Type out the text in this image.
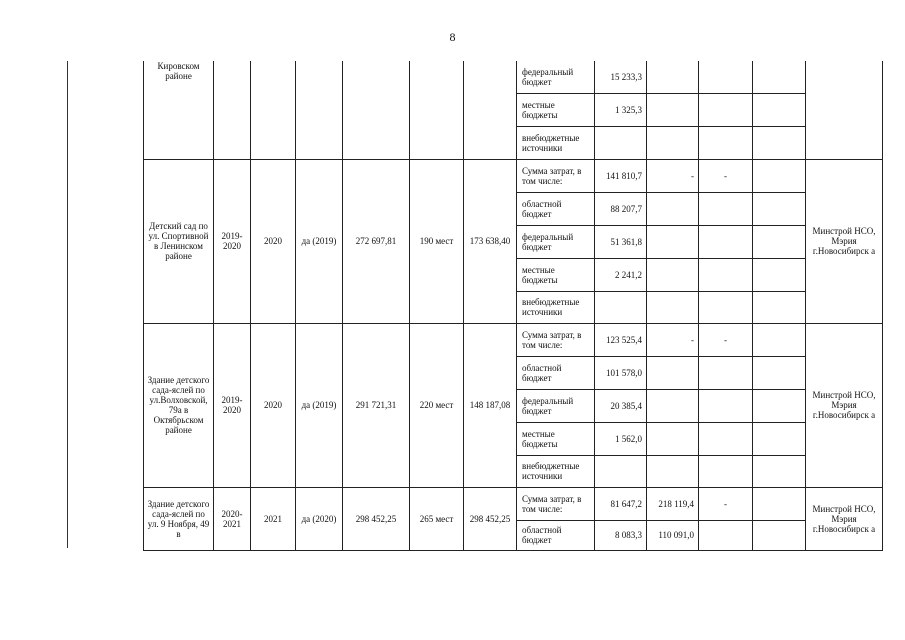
8
Кировском районе							федеральный бюджет	15 233,3				
							местные бюджеты	1 325,3				
							внебюджетные источники					
Детский сад по ул. Спортивной в Ленинском районе	2019-2020	2020	да (2019)	272 697,81	190 мест	173 638,40	Сумма затрат, в том числе:	141 810,7	-	-		Минстрой НСО, Мэрия г.Новосибирск а
							областной бюджет	88 207,7				
							федеральный бюджет	51 361,8				
							местные бюджеты	2 241,2				
							внебюджетные источники					
Здание детского сада-яслей по ул.Волховской, 79а в Октябрьском районе	2019-2020	2020	да (2019)	291 721,31	220 мест	148 187,08	Сумма затрат, в том числе:	123 525,4	-	-		Минстрой НСО, Мэрия г.Новосибирск а
							областной бюджет	101 578,0				
							федеральный бюджет	20 385,4				
							местные бюджеты	1 562,0				
							внебюджетные источники					
Здание детского сада-яслей по ул. 9 Ноября, 49 в	2020-2021	2021	да (2020)	298 452,25	265 мест	298 452,25	Сумма затрат, в том числе:	81 647,2	218 119,4	-		Минстрой НСО, Мэрия г.Новосибирск а
							областной бюджет	8 083,3	110 091,0			
